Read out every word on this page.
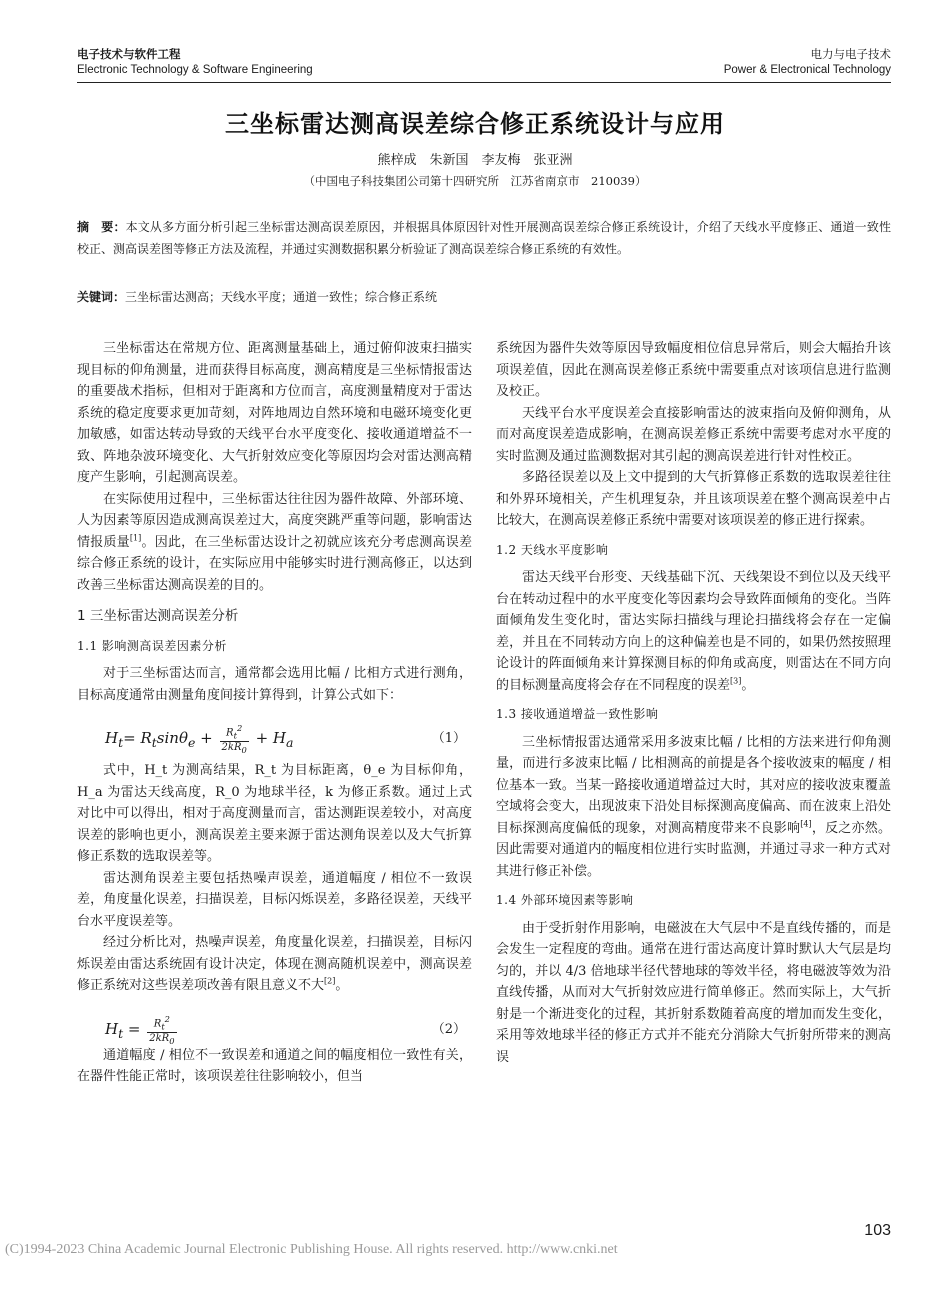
电子技术与软件工程
Electronic Technology & Software Engineering
电力与电子技术
Power & Electronical Technology
三坐标雷达测高误差综合修正系统设计与应用
熊梓成　朱新国　李友梅　张亚洲
（中国电子科技集团公司第十四研究所　江苏省南京市　210039）
摘　要：本文从多方面分析引起三坐标雷达测高误差原因，并根据具体原因针对性开展测高误差综合修正系统设计，介绍了天线水平度修正、通道一致性校正、测高误差图等修正方法及流程，并通过实测数据积累分析验证了测高误差综合修正系统的有效性。
关键词：三坐标雷达测高；天线水平度；通道一致性；综合修正系统

三坐标雷达在常规方位、距离测量基础上，通过俯仰波束扫描实现目标的仰角测量，进而获得目标高度，测高精度是三坐标情报雷达的重要战术指标，但相对于距离和方位而言，高度测量精度对于雷达系统的稳定度要求更加苛刻，对阵地周边自然环境和电磁环境变化更加敏感，如雷达转动导致的天线平台水平度变化、接收通道增益不一致、阵地杂波环境变化、大气折射效应变化等原因均会对雷达测高精度产生影响，引起测高误差。

在实际使用过程中，三坐标雷达往往因为器件故障、外部环境、人为因素等原因造成测高误差过大，高度突跳严重等问题，影响雷达情报质量[1]。因此，在三坐标雷达设计之初就应该充分考虑测高误差综合修正系统的设计，在实际应用中能够实时进行测高修正，以达到改善三坐标雷达测高误差的目的。

1 三坐标雷达测高误差分析
1.1 影响测高误差因素分析

对于三坐标雷达而言，通常都会选用比幅 / 比相方式进行测角，目标高度通常由测量角度间接计算得到，计算公式如下：

$H_t= R_t\sin\theta_e + \frac{R_t^2}{2kR_0} + H_a$	（1）

式中，H_t 为测高结果，R_t 为目标距离，θ_e 为目标仰角，H_a 为雷达天线高度，R_0 为地球半径，k 为修正系数。通过上式对比中可以得出，相对于高度测量而言，雷达测距误差较小，对高度误差的影响也更小，测高误差主要来源于雷达测角误差以及大气折算修正系数的选取误差等。

雷达测角误差主要包括热噪声误差，通道幅度 / 相位不一致误差，角度量化误差，扫描误差，目标闪烁误差，多路径误差，天线平台水平度误差等。

经过分析比对，热噪声误差，角度量化误差，扫描误差，目标闪烁误差由雷达系统固有设计决定，体现在测高随机误差中，测高误差修正系统对这些误差项改善有限且意义不大[2]。

$H_t = \frac{R_t^2}{2kR_0}$	（2）

通道幅度 / 相位不一致误差和通道之间的幅度相位一致性有关，在器件性能正常时，该项误差往往影响较小，但当

系统因为器件失效等原因导致幅度相位信息异常后，则会大幅抬升该项误差值，因此在测高误差修正系统中需要重点对该项信息进行监测及校正。

天线平台水平度误差会直接影响雷达的波束指向及俯仰测角，从而对高度误差造成影响，在测高误差修正系统中需要考虑对水平度的实时监测及通过监测数据对其引起的测高误差进行针对性校正。

多路径误差以及上文中提到的大气折算修正系数的选取误差往往和外界环境相关，产生机理复杂，并且该项误差在整个测高误差中占比较大，在测高误差修正系统中需要对该项误差的修正进行探索。

1.2 天线水平度影响

雷达天线平台形变、天线基础下沉、天线架设不到位以及天线平台在转动过程中的水平度变化等因素均会导致阵面倾角的变化。当阵面倾角发生变化时，雷达实际扫描线与理论扫描线将会存在一定偏差，并且在不同转动方向上的这种偏差也是不同的，如果仍然按照理论设计的阵面倾角来计算探测目标的仰角或高度，则雷达在不同方向的目标测量高度将会存在不同程度的误差[3]。

1.3 接收通道增益一致性影响

三坐标情报雷达通常采用多波束比幅 / 比相的方法来进行仰角测量，而进行多波束比幅 / 比相测高的前提是各个接收波束的幅度 / 相位基本一致。当某一路接收通道增益过大时，其对应的接收波束覆盖空域将会变大，出现波束下沿处目标探测高度偏高、而在波束上沿处目标探测高度偏低的现象，对测高精度带来不良影响[4]，反之亦然。因此需要对通道内的幅度相位进行实时监测，并通过寻求一种方式对其进行修正补偿。

1.4 外部环境因素等影响

由于受折射作用影响，电磁波在大气层中不是直线传播的，而是会发生一定程度的弯曲。通常在进行雷达高度计算时默认大气层是均匀的，并以 4/3 倍地球半径代替地球的等效半径，将电磁波等效为沿直线传播，从而对大气折射效应进行简单修正。然而实际上，大气折射是一个渐进变化的过程，其折射系数随着高度的增加而发生变化，采用等效地球半径的修正方式并不能充分消除大气折射所带来的测高误

103
(C)1994-2023 China Academic Journal Electronic Publishing House. All rights reserved. http://www.cnki.net
